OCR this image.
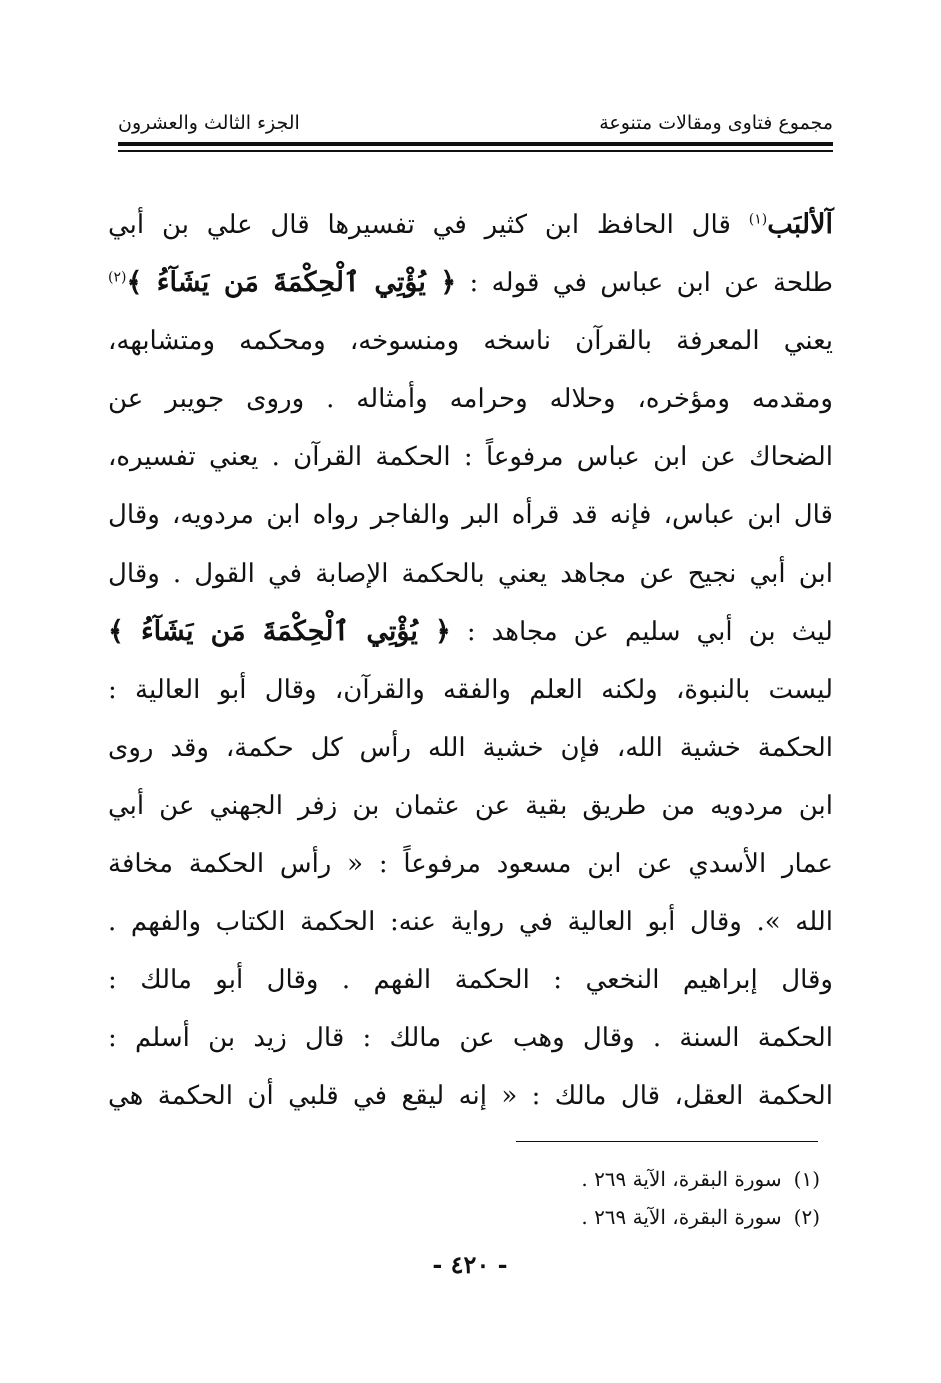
مجموع فتاوى ومقالات متنوعة
الجزء الثالث والعشرون
آلألبَب$^{(١)}$ قال الحافظ ابن كثير في تفسيرها قال علي بن أبي
طلحة عن ابن عباس في قوله : ﴿ يُؤْتِي ٱلْحِكْمَةَ مَن يَشَآءُ ﴾$^{(٢)}$
يعني المعرفة بالقرآن ناسخه ومنسوخه، ومحكمه ومتشابهه،
ومقدمه ومؤخره، وحلاله وحرامه وأمثاله . وروى جويبر عن
الضحاك عن ابن عباس مرفوعاً : الحكمة القرآن . يعني تفسيره،
قال ابن عباس، فإنه قد قرأه البر والفاجر رواه ابن مردويه، وقال
ابن أبي نجيح عن مجاهد يعني بالحكمة الإصابة في القول . وقال
ليث بن أبي سليم عن مجاهد : ﴿ يُؤْتِي ٱلْحِكْمَةَ مَن يَشَآءُ ﴾
ليست بالنبوة، ولكنه العلم والفقه والقرآن، وقال أبو العالية :
الحكمة خشية الله، فإن خشية الله رأس كل حكمة، وقد روى
ابن مردويه من طريق بقية عن عثمان بن زفر الجهني عن أبي
عمار الأسدي عن ابن مسعود مرفوعاً : « رأس الحكمة مخافة
الله ». وقال أبو العالية في رواية عنه: الحكمة الكتاب والفهم .
وقال إبراهيم النخعي : الحكمة الفهم . وقال أبو مالك :
الحكمة السنة . وقال وهب عن مالك : قال زيد بن أسلم :
الحكمة العقل، قال مالك : « إنه ليقع في قلبي أن الحكمة هي
(١)سورة البقرة، الآية ٢٦٩ .
(٢)سورة البقرة، الآية ٢٦٩ .
- ٤٢٠ -
